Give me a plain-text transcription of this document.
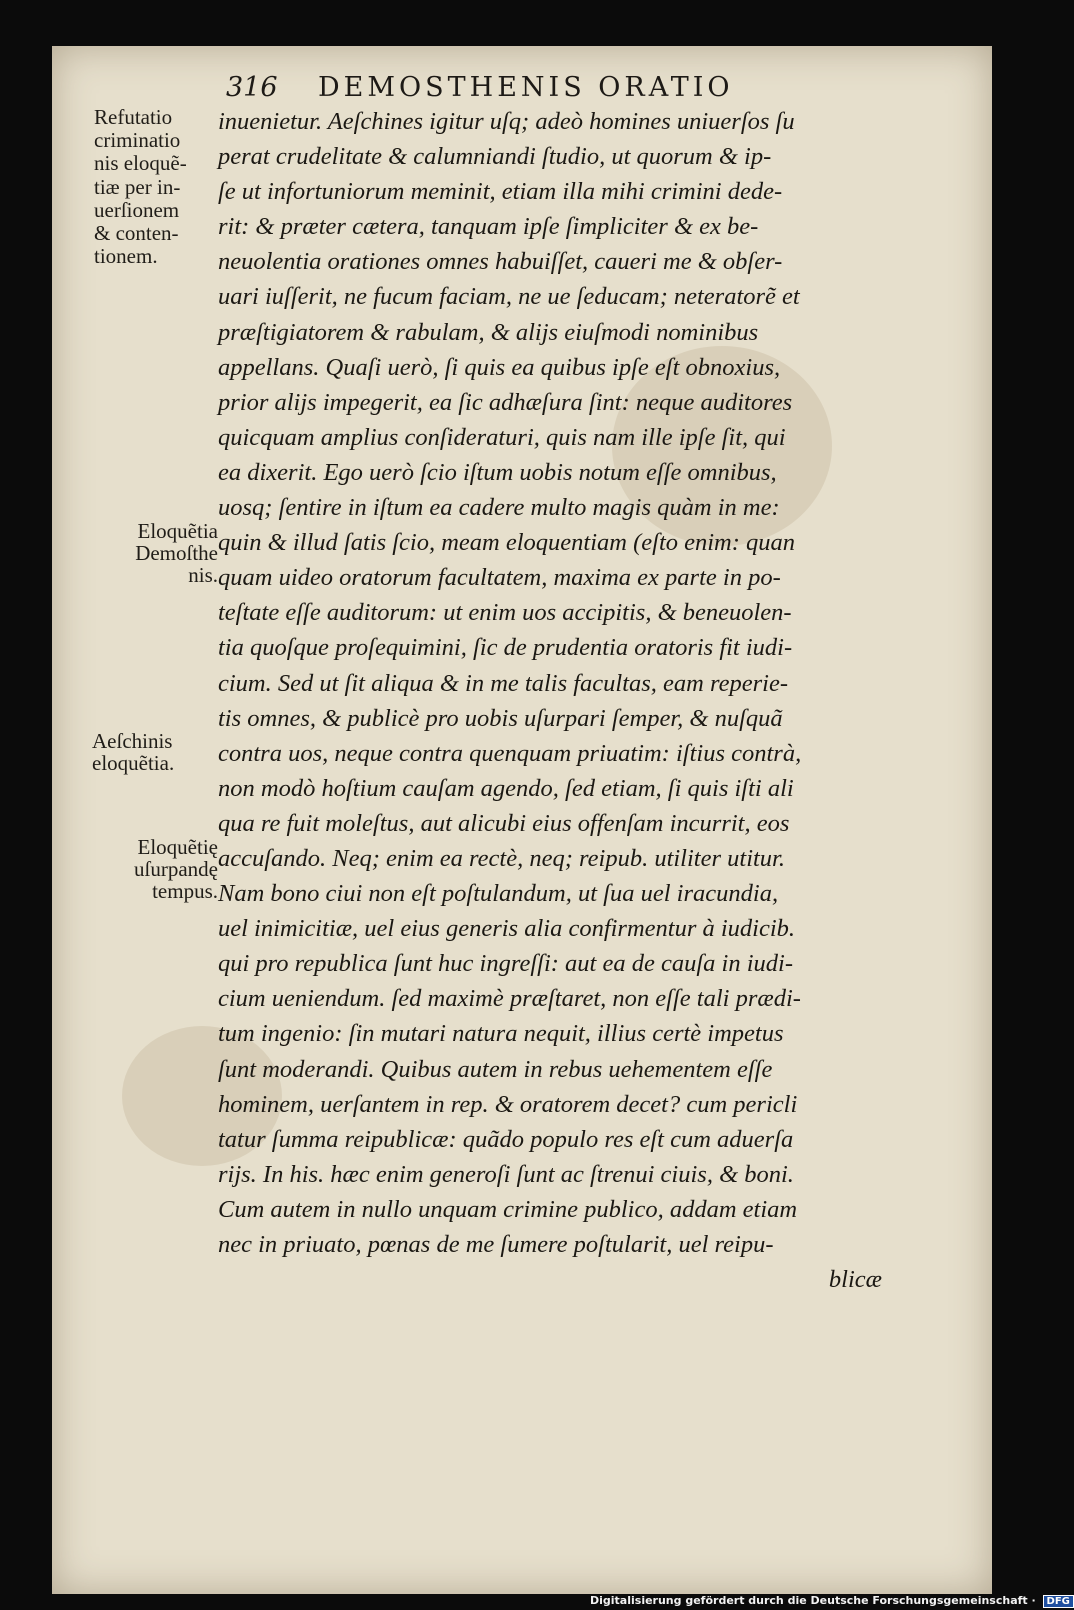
316 DEMOSTHENIS ORATIO
Refutatio
criminatio
nis eloquẽ-
tiæ per in-
uerſionem
& conten-
tionem.
Eloquẽtia
Demoſthe
nis.
Aeſchinis
eloquẽtia.
Eloquẽtię
uſurpandę
tempus.
inuenietur. Aeſchines igitur uſq; adeò homines uniuerſos ſu
perat crudelitate & calumniandi ſtudio, ut quorum & ip-
ſe ut infortuniorum meminit, etiam illa mihi crimini dede-
rit: & præter cætera, tanquam ipſe ſimpliciter & ex be-
neuolentia orationes omnes habuiſſet, caueri me & obſer-
uari iuſſerit, ne fucum faciam, ne ue ſeducam; neteratorẽ et
præſtigiatorem & rabulam, & alijs eiuſmodi nominibus
appellans. Quaſi uerò, ſi quis ea quibus ipſe eſt obnoxius,
prior alijs impegerit, ea ſic adhæſura ſint: neque auditores
quicquam amplius conſideraturi, quis nam ille ipſe ſit, qui
ea dixerit. Ego uerò ſcio iſtum uobis notum eſſe omnibus,
uosq; ſentire in iſtum ea cadere multo magis quàm in me:
quin & illud ſatis ſcio, meam eloquentiam (eſto enim: quan
quam uideo oratorum facultatem, maxima ex parte in po-
teſtate eſſe auditorum: ut enim uos accipitis, & beneuolen-
tia quoſque proſequimini, ſic de prudentia oratoris fit iudi-
cium. Sed ut ſit aliqua & in me talis facultas, eam reperie-
tis omnes, & publicè pro uobis uſurpari ſemper, & nuſquã
contra uos, neque contra quenquam priuatim: iſtius contrà,
non modò hoſtium cauſam agendo, ſed etiam, ſi quis iſti ali
qua re fuit moleſtus, aut alicubi eius offenſam incurrit, eos
accuſando. Neq; enim ea rectè, neq; reipub. utiliter utitur.
Nam bono ciui non eſt poſtulandum, ut ſua uel iracundia,
uel inimicitiæ, uel eius generis alia confirmentur à iudicib.
qui pro republica ſunt huc ingreſſi: aut ea de cauſa in iudi-
cium ueniendum. ſed maximè præſtaret, non eſſe tali prædi-
tum ingenio: ſin mutari natura nequit, illius certè impetus
ſunt moderandi. Quibus autem in rebus uehementem eſſe
hominem, uerſantem in rep. & oratorem decet? cum pericli
tatur ſumma reipublicæ: quãdo populo res eſt cum aduerſa
rijs. In his. hæc enim generoſi ſunt ac ſtrenui ciuis, & boni.
Cum autem in nullo unquam crimine publico, addam etiam
nec in priuato, pœnas de me ſumere poſtularit, uel reipu-
blicæ
Digitalisierung gefördert durch die Deutsche Forschungsgemeinschaft · DFG
